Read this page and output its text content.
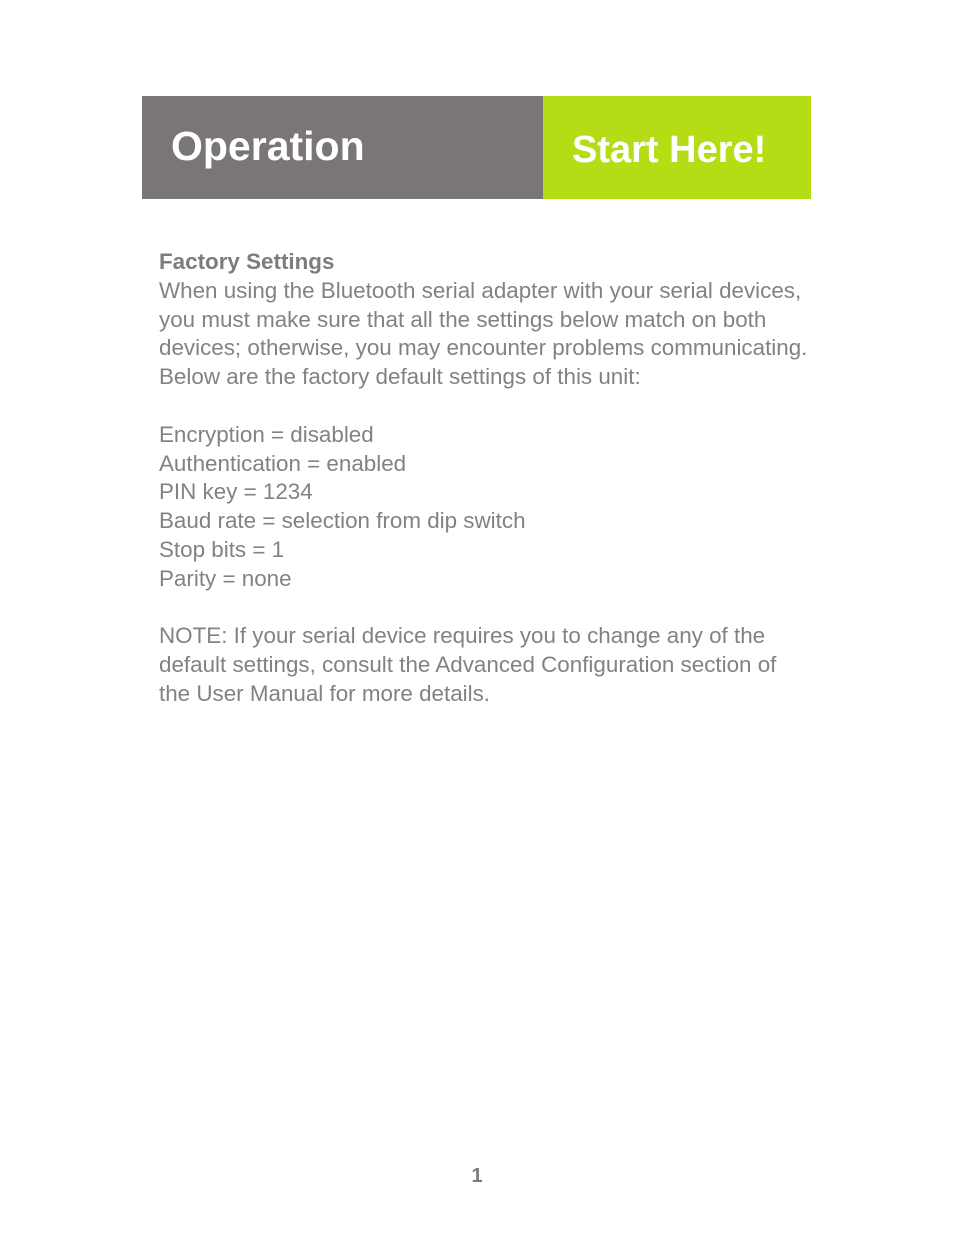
Operation	Start Here!
Factory Settings
When using the Bluetooth serial adapter with your serial devices,
you must make sure that all the settings below match on both
devices; otherwise, you may encounter problems communicating.
Below are the factory default settings of this unit:
Encryption = disabled
Authentication = enabled
PIN key = 1234
Baud rate = selection from dip switch
Stop bits = 1
Parity = none
NOTE: If your serial device requires you to change any of the
default settings, consult the Advanced Configuration section of
the User Manual for more details.
1
